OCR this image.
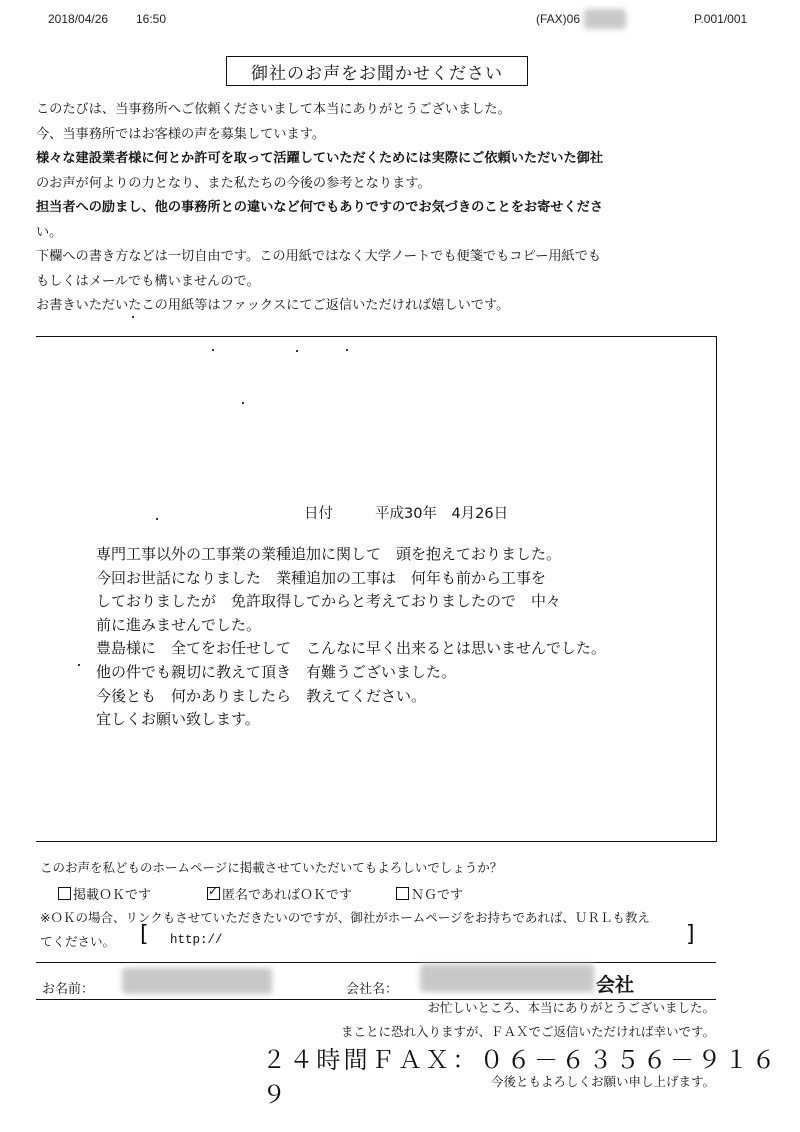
2018/04/26 16:50	(FAX)06	P.001/001
御社のお声をお聞かせください
このたびは、当事務所へご依頼くださいまして本当にありがとうございました。
今、当事務所ではお客様の声を募集しています。
様々な建設業者様に何とか許可を取って活躍していただくためには実際にご依頼いただいた御社
のお声が何よりの力となり、また私たちの今後の参考となります。
担当者への励まし、他の事務所との違いなど何でもありですのでお気づきのことをお寄せくださ
い。
下欄への書き方などは一切自由です。この用紙ではなく大学ノートでも便箋でもコピー用紙でも
もしくはメールでも構いませんので。
お書きいただいたこの用紙等はファックスにてご返信いただければ嬉しいです。
日付	平成30年　4月26日
専門工事以外の工事業の業種追加に関して　頭を抱えておりました。
今回お世話になりました　業種追加の工事は　何年も前から工事を
しておりましたが　免許取得してからと考えておりましたので　中々
前に進みませんでした。
豊島様に　全てをお任せして　こんなに早く出来るとは思いませんでした。
他の件でも親切に教えて頂き　有難うございました。
今後とも　何かありましたら　教えてください。
宜しくお願い致します。
このお声を私どものホームページに掲載させていただいてもよろしいでしょうか？
掲載ＯＫです
✓	匿名であればＯＫです	ＮＧです
※ＯＫの場合、リンクもさせていただきたいのですが、御社がホームページをお持ちであれば、ＵＲＬも教え
てください。	[ http://	]
お名前：	会社名：	会社
お忙しいところ、本当にありがとうございました。
まことに恐れ入りますが、ＦＡＸでご返信いただければ幸いです。
２４時間ＦＡＸ：０６－６３５６－９１６９	今後ともよろしくお願い申し上げます。
